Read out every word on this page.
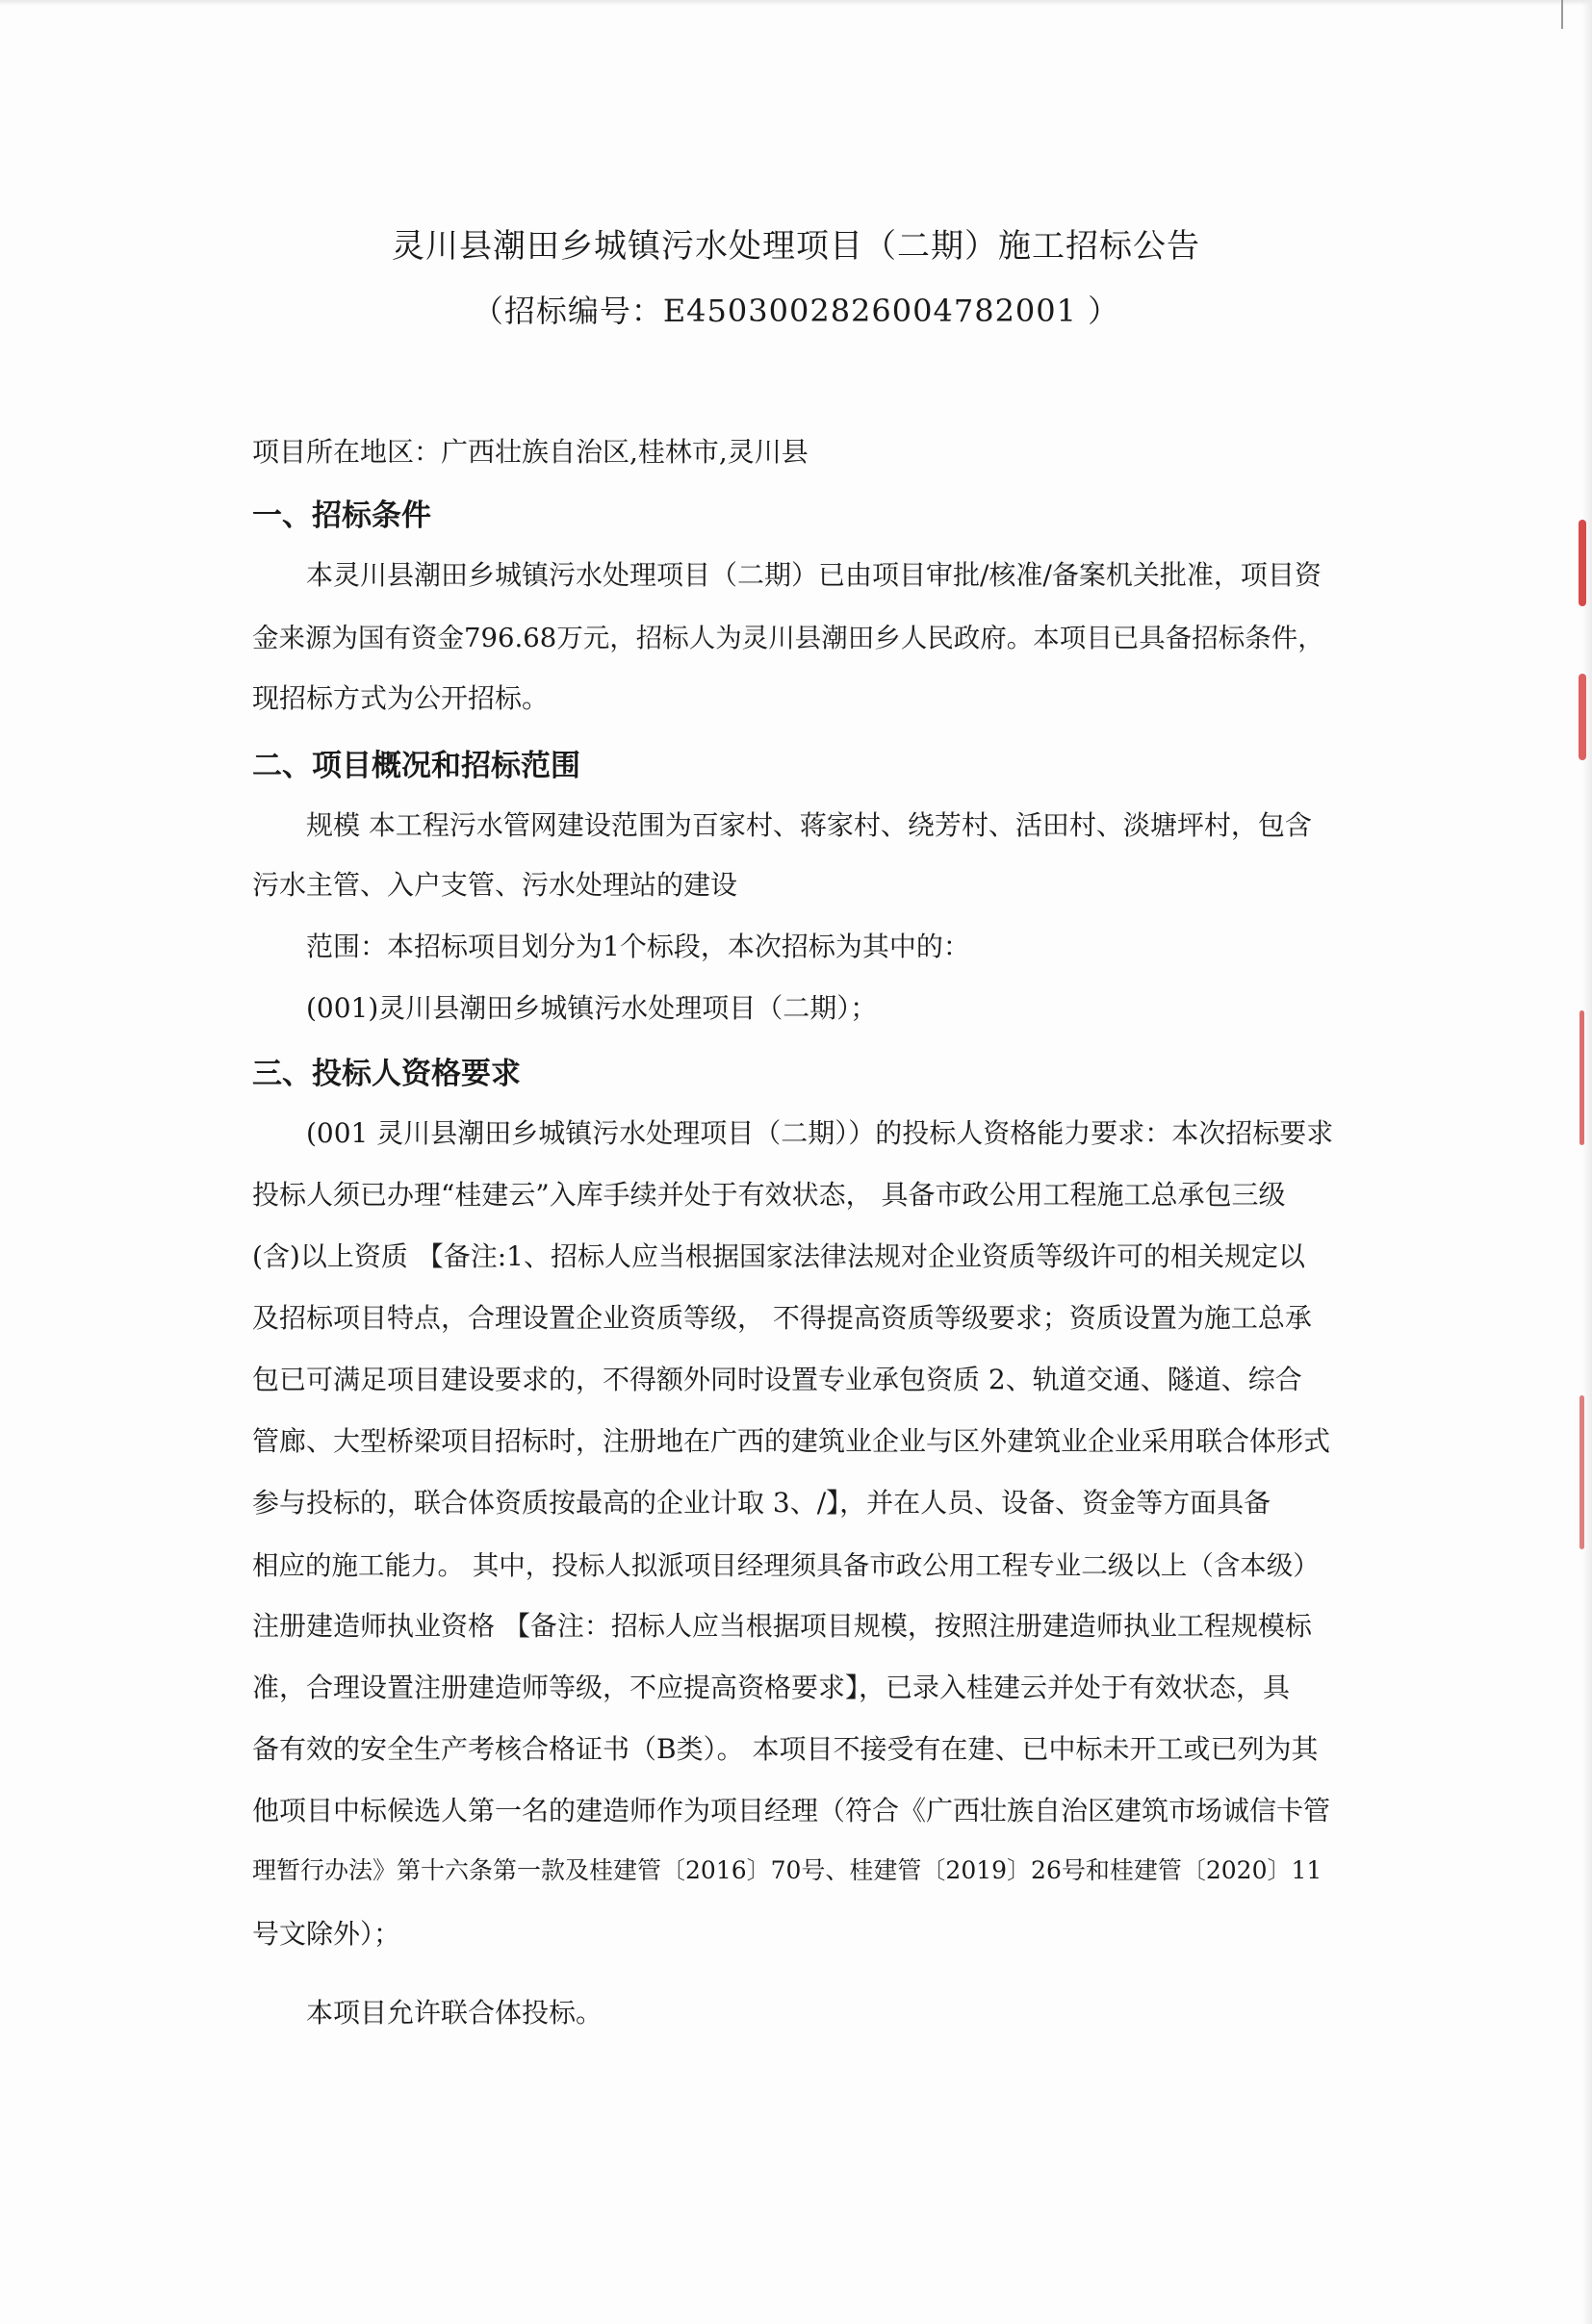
灵川县潮田乡城镇污水处理项目（二期）施工招标公告
（招标编号：E4503002826004782001 ）
项目所在地区：广西壮族自治区,桂林市,灵川县
一、招标条件
本灵川县潮田乡城镇污水处理项目（二期）已由项目审批/核准/备案机关批准，项目资
金来源为国有资金796.68万元，招标人为灵川县潮田乡人民政府。本项目已具备招标条件，
现招标方式为公开招标。
二、项目概况和招标范围
规模 本工程污水管网建设范围为百家村、蒋家村、绕芳村、活田村、淡塘坪村，包含
污水主管、入户支管、污水处理站的建设
范围：本招标项目划分为1个标段，本次招标为其中的：
(001)灵川县潮田乡城镇污水处理项目（二期）；
三、投标人资格要求
(001 灵川县潮田乡城镇污水处理项目（二期））的投标人资格能力要求：本次招标要求
投标人须已办理“桂建云”入库手续并处于有效状态， 具备市政公用工程施工总承包三级
(含)以上资质 【备注:1、招标人应当根据国家法律法规对企业资质等级许可的相关规定以
及招标项目特点，合理设置企业资质等级， 不得提高资质等级要求；资质设置为施工总承
包已可满足项目建设要求的，不得额外同时设置专业承包资质 2、轨道交通、隧道、综合
管廊、大型桥梁项目招标时，注册地在广西的建筑业企业与区外建筑业企业采用联合体形式
参与投标的，联合体资质按最高的企业计取 3、/】，并在人员、设备、资金等方面具备
相应的施工能力。 其中，投标人拟派项目经理须具备市政公用工程专业二级以上（含本级）
注册建造师执业资格 【备注：招标人应当根据项目规模，按照注册建造师执业工程规模标
准，合理设置注册建造师等级，不应提高资格要求】，已录入桂建云并处于有效状态，具
备有效的安全生产考核合格证书（B类）。 本项目不接受有在建、已中标未开工或已列为其
他项目中标候选人第一名的建造师作为项目经理（符合《广西壮族自治区建筑市场诚信卡管
理暂行办法》第十六条第一款及桂建管〔2016〕70号、桂建管〔2019〕26号和桂建管〔2020〕11
号文除外）；
本项目允许联合体投标。
